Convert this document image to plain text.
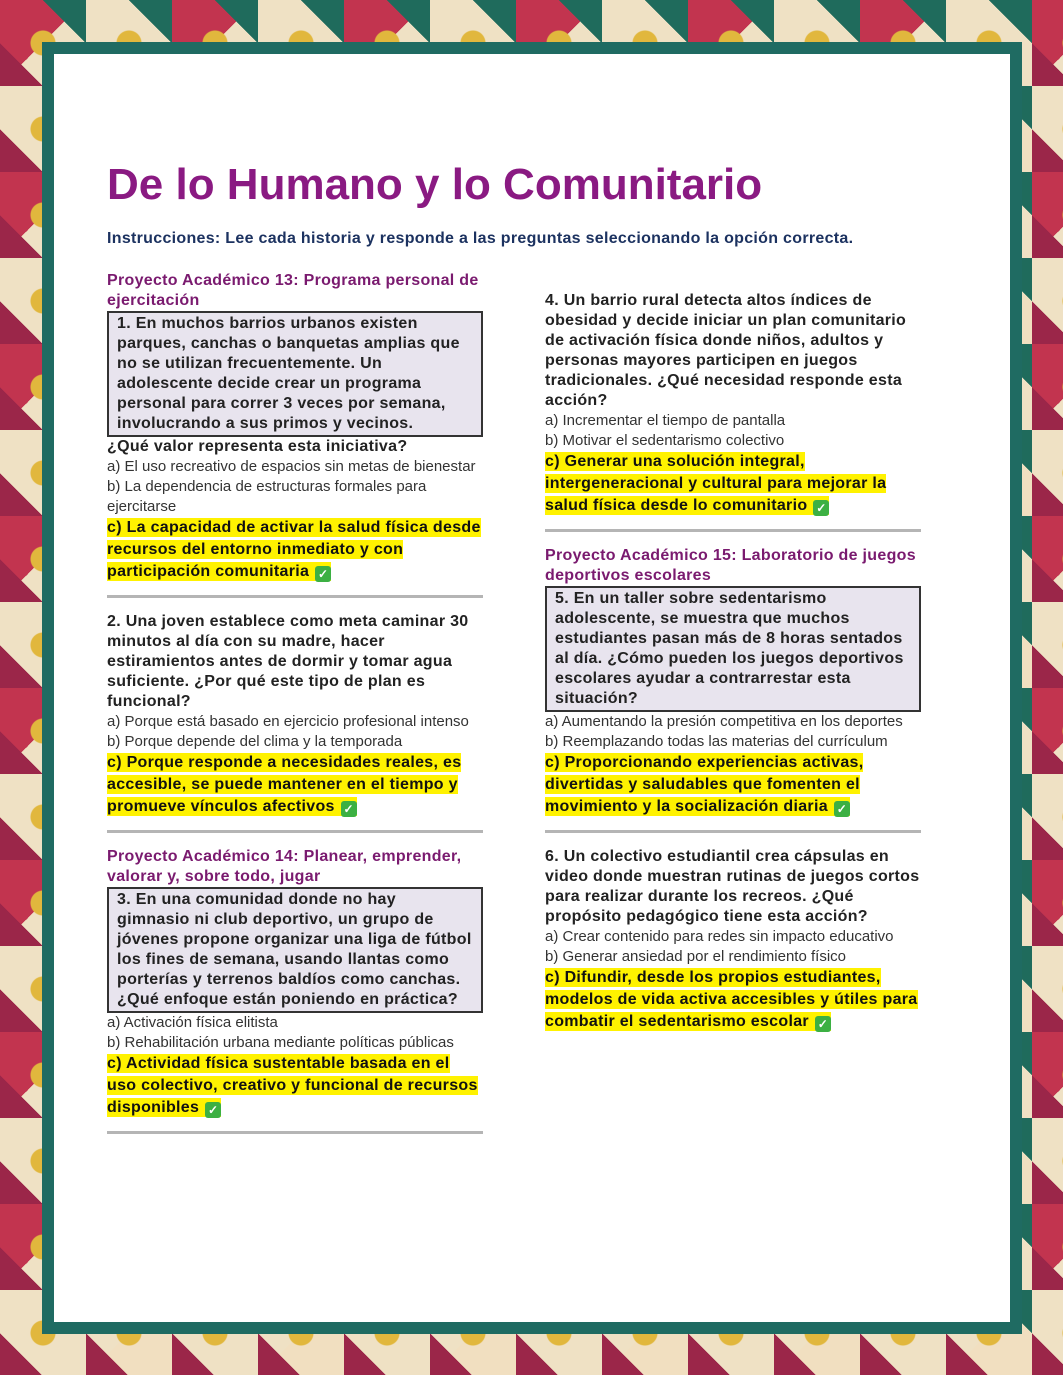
De lo Humano y lo Comunitario

Instrucciones: Lee cada historia y responde a las preguntas seleccionando la opción correcta.

Proyecto Académico 13: Programa personal de ejercitación
1. En muchos barrios urbanos existen parques, canchas o banquetas amplias que no se utilizan frecuentemente. Un adolescente decide crear un programa personal para correr 3 veces por semana, involucrando a sus primos y vecinos.
¿Qué valor representa esta iniciativa?
a) El uso recreativo de espacios sin metas de bienestar
b) La dependencia de estructuras formales para ejercitarse
c) La capacidad de activar la salud física desde recursos del entorno inmediato y con participación comunitaria ✓
2. Una joven establece como meta caminar 30 minutos al día con su madre, hacer estiramientos antes de dormir y tomar agua suficiente. ¿Por qué este tipo de plan es funcional?
a) Porque está basado en ejercicio profesional intenso
b) Porque depende del clima y la temporada
c) Porque responde a necesidades reales, es accesible, se puede mantener en el tiempo y promueve vínculos afectivos ✓
Proyecto Académico 14: Planear, emprender, valorar y, sobre todo, jugar
3. En una comunidad donde no hay gimnasio ni club deportivo, un grupo de jóvenes propone organizar una liga de fútbol los fines de semana, usando llantas como porterías y terrenos baldíos como canchas. ¿Qué enfoque están poniendo en práctica?
a) Activación física elitista
b) Rehabilitación urbana mediante políticas públicas
c) Actividad física sustentable basada en el uso colectivo, creativo y funcional de recursos disponibles ✓
4. Un barrio rural detecta altos índices de obesidad y decide iniciar un plan comunitario de activación física donde niños, adultos y personas mayores participen en juegos tradicionales. ¿Qué necesidad responde esta acción?
a) Incrementar el tiempo de pantalla
b) Motivar el sedentarismo colectivo
c) Generar una solución integral, intergeneracional y cultural para mejorar la salud física desde lo comunitario ✓
Proyecto Académico 15: Laboratorio de juegos deportivos escolares
5. En un taller sobre sedentarismo adolescente, se muestra que muchos estudiantes pasan más de 8 horas sentados al día. ¿Cómo pueden los juegos deportivos escolares ayudar a contrarrestar esta situación?
a) Aumentando la presión competitiva en los deportes
b) Reemplazando todas las materias del currículum
c) Proporcionando experiencias activas, divertidas y saludables que fomenten el movimiento y la socialización diaria ✓
6. Un colectivo estudiantil crea cápsulas en video donde muestran rutinas de juegos cortos para realizar durante los recreos. ¿Qué propósito pedagógico tiene esta acción?
a) Crear contenido para redes sin impacto educativo
b) Generar ansiedad por el rendimiento físico
c) Difundir, desde los propios estudiantes, modelos de vida activa accesibles y útiles para combatir el sedentarismo escolar ✓
